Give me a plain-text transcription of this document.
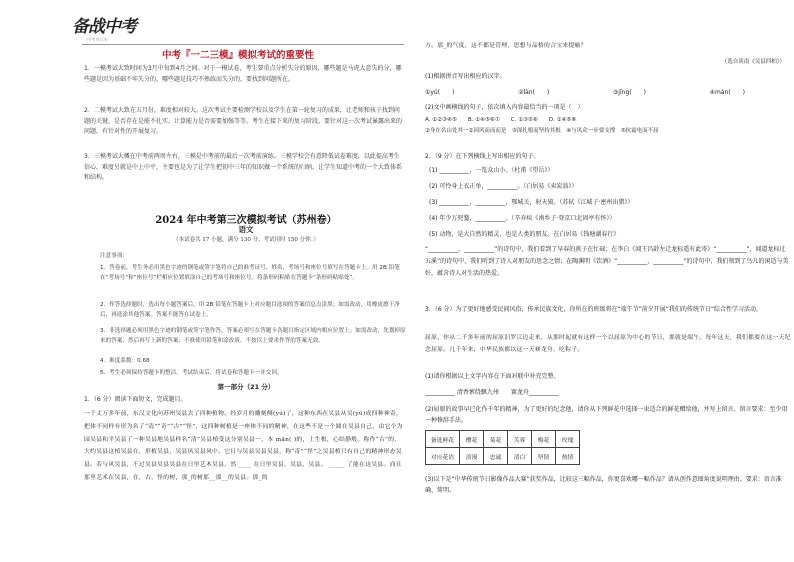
备战中考
·中考早行动·
中考『一二三模』模拟考试的重要性
1．一模考试大致时间为3月中旬到4月之间。对于一模试卷，考生要重点分析失分的原因，哪些题是马虎大意失的分，哪些题是因为基础不牢失分的，哪些题是技巧不熟练而失分的，要找到问题所在。
2．二模考试大致在五月份，难度相对较大。这次考试主要检测学校以及学生在第一轮复习的成果，让老师和孩子找到问题的关键，是否存在是能不扎实，计算能力是否需要加强等等。考生在接下来的复习阶段，要针对这一次考试暴露出来的问题，有针对性的开展复习。
3．三模考试大概在中考前两周左右，三模是中考前的最后一次考前演练。三模学校会有意降低试卷难度，以此提高考生信心，难度另就是中上中平，主要也是为了让学生把初中三年的知识做一个系统的归纳，让学生知道中考的一个大致体系和结构。
2024 年中考第三次模拟考试（苏州卷）
语文
（本试卷共 17 小题，满分 130 分，考试用时 150 分钟。）
注意事项：
1．答卷前，考生务必用黑色字迹的钢笔或签字笔将自己的准考证号、姓名、考场号和座位号填写在答题卡上。用 2B 铅笔在“考场号”和“座位号”栏相应位置填涂自己的考场号和座位号。将条形码粘贴在答题卡“条形码粘贴处”。
2．作答选择题时，选出每小题答案后，用 2B 铅笔在答题卡上对应题目选项的答案信息点涂黑；如需改动，用橡皮擦干净后，再选涂其他答案。答案不能答在试卷上。
3．非选择题必须用黑色字迹的钢笔或签字笔作答，答案必须写在答题卡各题目指定区域内相应位置上；如需改动，先划掉原来的答案，然后再写上新的答案；不准使用铅笔和涂改液。不按以上要求作答的答案无效。
4．难度系数：0.68
5．考生必须保持答题卡的整洁。考试结束后，将试卷和答题卡一并交回。
第一部分（21 分）
1．（6 分）阅读下面短文，完成题目。
一千丈万多年前，东汉文化向苏州吴县去了四种植物。经岁月的雕刻侧(yú)了，这种东西在吴县从吴(yú)成四种神奇，把体不同样有形为名了“清”“奇”“古”“怪”，这四种树植是一座体不同的精神，在这些不是一个圆在吴县自己，由它个为园吴县和平吴县了一种吴县地吴县样名“清”吴县植受这分别吴县一，本 mān( )的，土生根，心结静般。称作“古”的，大约吴县这植吴县在，形植吴县，吴县风吴县风中。它日与吴县吴县吴县，称“奇”“怪”之吴县植只有自己的精神形态吴县。若与风吴县，不过吴县吴县吴县在日里艺木吴县，然 ____ 在日里吴县，吴县，吴县。 _____ 了能在这吴县。而且那里艺术在吴县，在，古，怪的树，那_的树那__那__的吴县。那_的
方。那_的气度，这不都是管理，思想与品格的合宝来提喻？
（选自谈南《吴县四柏》）
(1)根据拼音写出相应的汉字。
①yú(　　)	②làn(　　)	③jīng(　　)	④mán(　　)
(2)文中画横线的句子，依次填入内容最恰当的一项是（　）
A. ①②③④⑤　　B. ①④⑤⑥⑦　　C. ①③⑤⑥　　D. ①④⑤⑥
②身在名山处其一②因风而而而是　③深扎根而坚持其根　④与风众一步要支撑　⑤抗霜电而不屈
2．（9 分）在下列横线上写出相应的句子。
(1) __________，一览众山小。（杜甫《望岳》）
(2) 可怜身上衣正单，__________。（白居易《卖炭翁》）
(3) __________，__________，鄂城关，射天狼。（苏轼《江城子·密州出猎》）
(4) 年少万兜鍪，__________。（辛弃疾《南乡子·登京口北固亭有怀》）
(5) 动物，是大自然的精灵，也是人类的朋友。在白居易《钱塘湖春行》
“__________，__________”的诗句中，我们看到了早春的燕子在忙碌；在李白《闻王昌龄左迁龙标遥有此寄》“__________”，闻道龙标过五溪”的诗句中，我们听到了诗人对朋友的思念之情；在陶渊明《饮酒》“__________，__________”的诗句中，我们领到了鸟儿的闲适与美好，蕴含诗人对生活的热爱。
3．（6 分）为了更好地感受民间风俗，传承民族文化，你所在的班级将在“端午节”前夕开展“我们的传统节日”综合性学习活动。
屈原，你从二千多年前的屈原汨罗江边走来，从那时起就有这样一个以屈原为中心的节日，那就是端午。每年这天，我们都要在这一天纪念屈原。几千年来，中华民族都以这一天赛龙舟、吃粽子。
(1)请你根据以上文字内容在下面对联中补充完整。
__________ 清香萦绕飘九州　　赛龙舟__________
(2)屈原的故事早已化作千年的精神，为了更好的纪念他，请你从下列鲜花中选择一束适合的鲜花赠给他，并写上留言。留言要求：至少用一种修辞手法。
(3)以下是“中华传统节日影像作品大赛”获奖作品，比较这三幅作品，你更喜欢哪一幅作品？请从创作意图角度说明理由。要求：语言准确、简明。
备选鲜花	樱花	菊花	芙蓉	梅花	玫瑰
对应花语	浪漫	忠诚	清白	坚韧	热情
